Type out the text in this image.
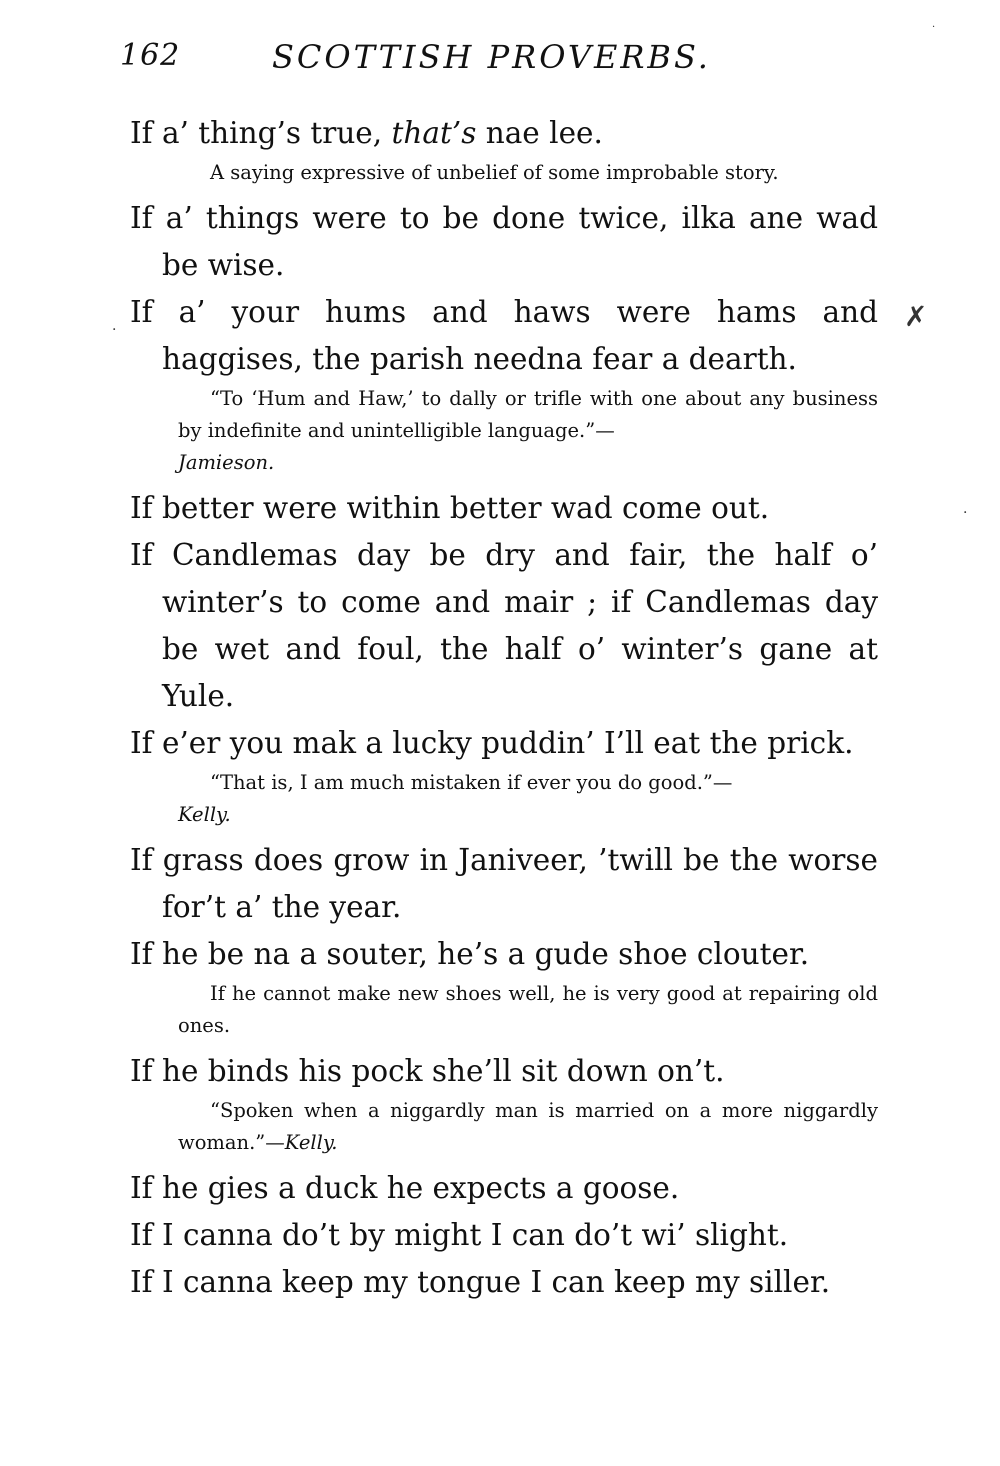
162	SCOTTISH PROVERBS.
·
✗
·
·

If a’ thing’s true, that’s nae lee.

A saying expressive of unbelief of some improbable story.

If a’ things were to be done twice, ilka ane wad be wise.

If a’ your hums and haws were hams and haggises, the parish needna fear a dearth.

“To ‘Hum and Haw,’ to dally or trifle with one about any business by indefinite and unintelligible language.”—
Jamieson.

If better were within better wad come out.

If Candlemas day be dry and fair, the half o’ winter’s to come and mair ; if Candlemas day be wet and foul, the half o’ winter’s gane at Yule.

If e’er you mak a lucky puddin’ I’ll eat the prick.

“That is, I am much mistaken if ever you do good.”—
Kelly.

If grass does grow in Janiveer, ’twill be the worse for’t a’ the year.

If he be na a souter, he’s a gude shoe clouter.

If he cannot make new shoes well, he is very good at repairing old ones.

If he binds his pock she’ll sit down on’t.

“Spoken when a niggardly man is married on a more niggardly woman.”—Kelly.

If he gies a duck he expects a goose.

If I canna do’t by might I can do’t wi’ slight.

If I canna keep my tongue I can keep my siller.
